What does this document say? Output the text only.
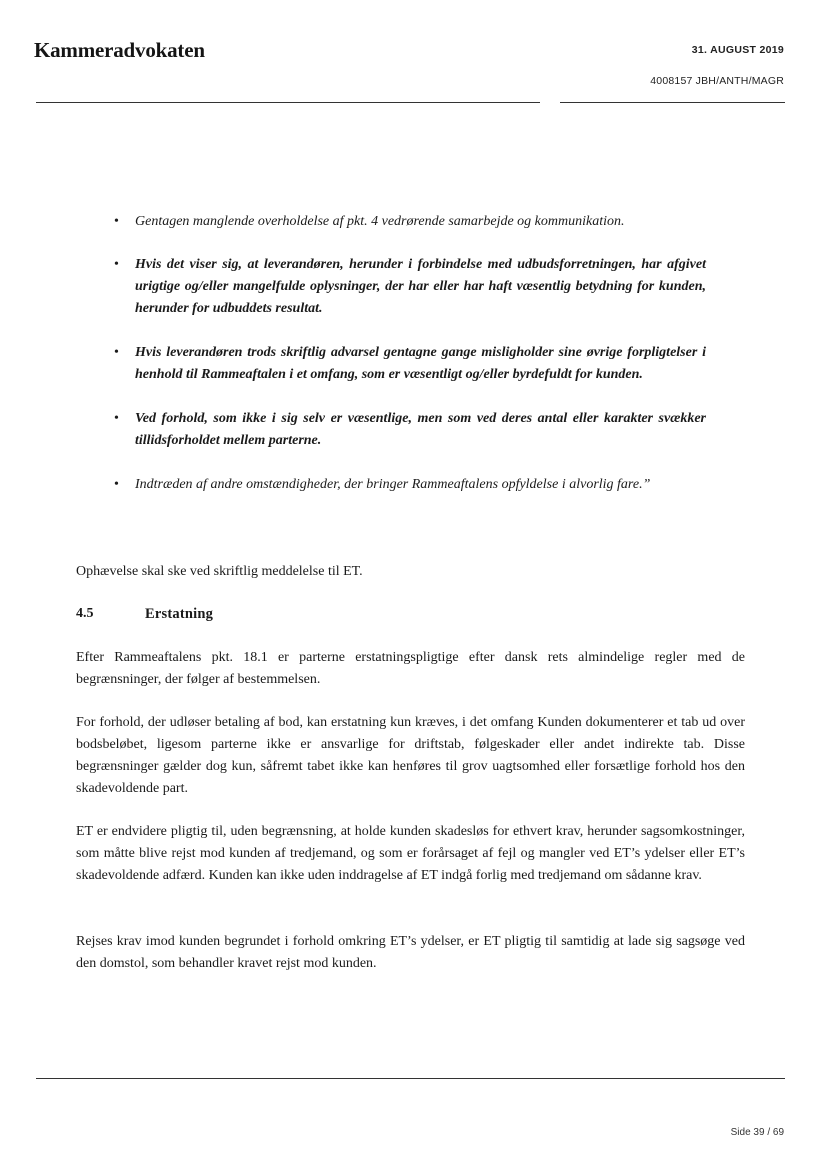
Kammeradvokaten	31. AUGUST 2019
4008157 JBH/ANTH/MAGR
• Gentagen manglende overholdelse af pkt. 4 vedrørende samarbejde og kommunikation.
• Hvis det viser sig, at leverandøren, herunder i forbindelse med udbudsforretningen, har afgivet urigtige og/eller mangelfulde oplysninger, der har eller har haft væsentlig betydning for kunden, herunder for udbuddets resultat.
• Hvis leverandøren trods skriftlig advarsel gentagne gange misligholder sine øvrige forpligtelser i henhold til Rammeaftalen i et omfang, som er væsentligt og/eller byrdefuldt for kunden.
• Ved forhold, som ikke i sig selv er væsentlige, men som ved deres antal eller karakter svækker tillidsforholdet mellem parterne.
• Indtræden af andre omstændigheder, der bringer Rammeaftalens opfyldelse i alvorlig fare.”

Ophævelse skal ske ved skriftlig meddelelse til ET.

4.5	Erstatning

Efter Rammeaftalens pkt. 18.1 er parterne erstatningspligtige efter dansk rets almindelige regler med de begrænsninger, der følger af bestemmelsen.

For forhold, der udløser betaling af bod, kan erstatning kun kræves, i det omfang Kunden dokumenterer et tab ud over bodsbeløbet, ligesom parterne ikke er ansvarlige for driftstab, følgeskader eller andet indirekte tab. Disse begrænsninger gælder dog kun, såfremt tabet ikke kan henføres til grov uagtsomhed eller forsætlige forhold hos den skadevoldende part.

ET er endvidere pligtig til, uden begrænsning, at holde kunden skadesløs for ethvert krav, herunder sagsomkostninger, som måtte blive rejst mod kunden af tredjemand, og som er forårsaget af fejl og mangler ved ET’s ydelser eller ET’s skadevoldende adfærd. Kunden kan ikke uden inddragelse af ET indgå forlig med tredjemand om sådanne krav.

Rejses krav imod kunden begrundet i forhold omkring ET’s ydelser, er ET pligtig til samtidig at lade sig sagsøge ved den domstol, som behandler kravet rejst mod kunden.

Side 39 / 69
